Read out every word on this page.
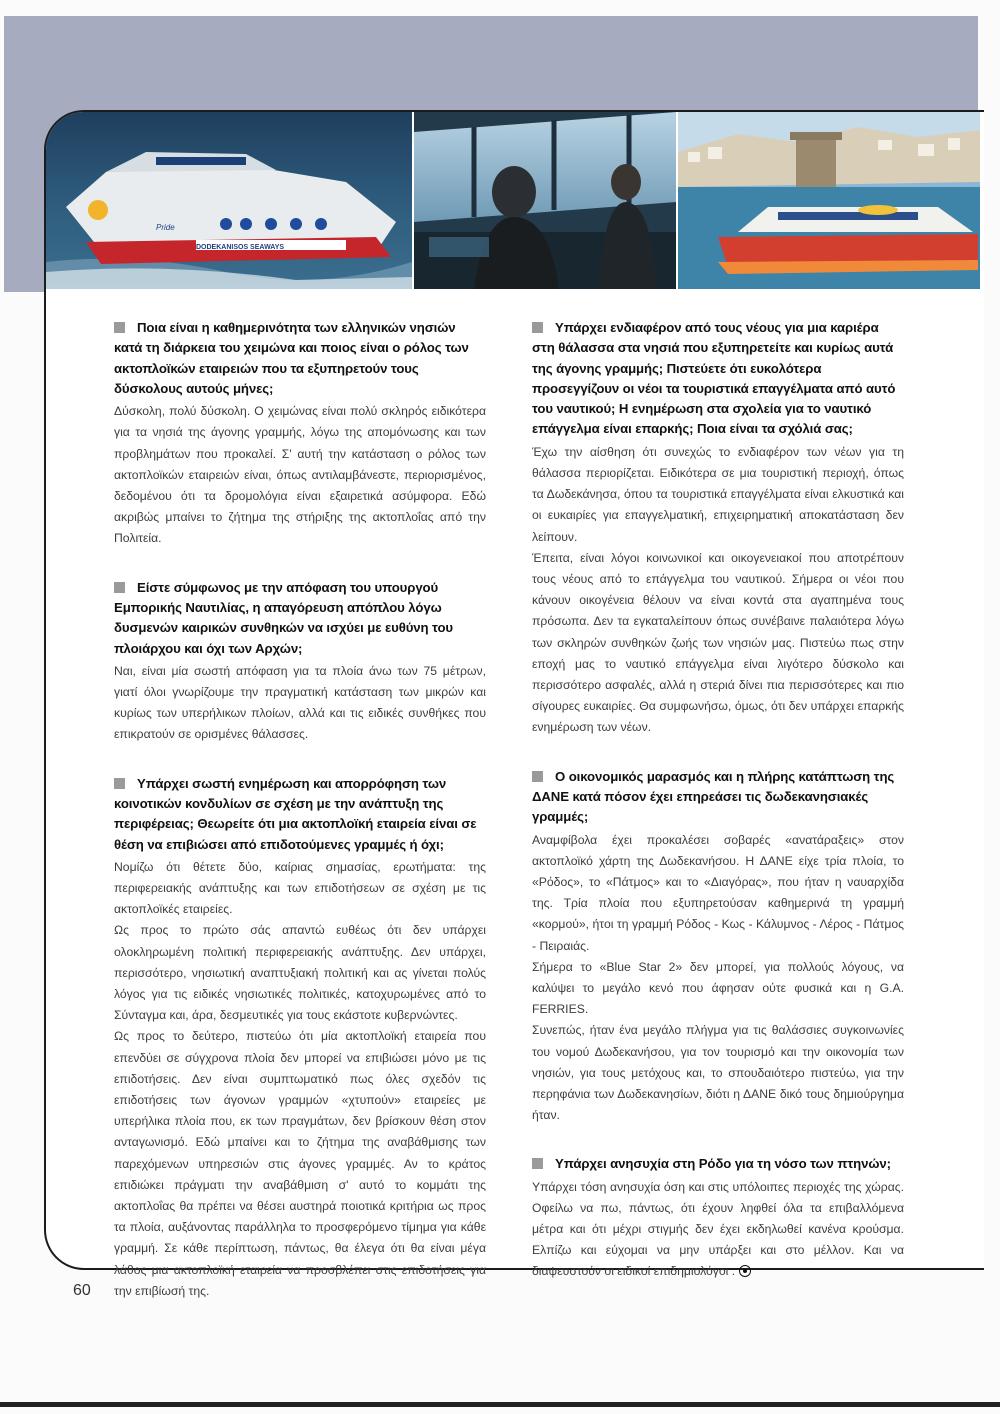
Pride
DODEKANISOS SEAWAYS
Ποια είναι η καθημερινότητα των ελληνικών νησιών κατά τη διάρκεια του χειμώνα και ποιος είναι ο ρόλος των ακτοπλοϊκών εταιρειών που τα εξυπηρετούν τους δύσκολους αυτούς μήνες;

Δύσκολη, πολύ δύσκολη. Ο χειμώνας είναι πολύ σκληρός ειδικότερα για τα νησιά της άγονης γραμμής, λόγω της απομόνωσης και των προβλημάτων που προκαλεί. Σ' αυτή την κατάσταση ο ρόλος των ακτοπλοϊκών εταιρειών είναι, όπως αντιλαμβάνεστε, περιορισμένος, δεδομένου ότι τα δρομολόγια είναι εξαιρετικά ασύμφορα. Εδώ ακριβώς μπαίνει το ζήτημα της στήριξης της ακτοπλοΐας από την Πολιτεία.

Είστε σύμφωνος με την απόφαση του υπουργού Εμπορικής Ναυτιλίας, η απαγόρευση απόπλου λόγω δυσμενών καιρικών συνθηκών να ισχύει με ευθύνη του πλοιάρχου και όχι των Αρχών;

Ναι, είναι μία σωστή απόφαση για τα πλοία άνω των 75 μέτρων, γιατί όλοι γνωρίζουμε την πραγματική κατάσταση των μικρών και κυρίως των υπερήλικων πλοίων, αλλά και τις ειδικές συνθήκες που επικρατούν σε ορισμένες θάλασσες.

Υπάρχει σωστή ενημέρωση και απορρόφηση των κοινοτικών κονδυλίων σε σχέση με την ανάπτυξη της περιφέρειας; Θεωρείτε ότι μια ακτοπλοϊκή εταιρεία είναι σε θέση να επιβιώσει από επιδοτούμενες γραμμές ή όχι;

Νομίζω ότι θέτετε δύο, καίριας σημασίας, ερωτήματα: της περιφερειακής ανάπτυξης και των επιδοτήσεων σε σχέση με τις ακτοπλοϊκές εταιρείες.

Ως προς το πρώτο σάς απαντώ ευθέως ότι δεν υπάρχει ολοκληρωμένη πολιτική περιφερειακής ανάπτυξης. Δεν υπάρχει, περισσότερο, νησιωτική αναπτυξιακή πολιτική και ας γίνεται πολύς λόγος για τις ειδικές νησιωτικές πολιτικές, κατοχυρωμένες από το Σύνταγμα και, άρα, δεσμευτικές για τους εκάστοτε κυβερνώντες.

Ως προς το δεύτερο, πιστεύω ότι μία ακτοπλοϊκή εταιρεία που επενδύει σε σύγχρονα πλοία δεν μπορεί να επιβιώσει μόνο με τις επιδοτήσεις. Δεν είναι συμπτωματικό πως όλες σχεδόν τις επιδοτήσεις των άγονων γραμμών «χτυπούν» εταιρείες με υπερήλικα πλοία που, εκ των πραγμάτων, δεν βρίσκουν θέση στον ανταγωνισμό. Εδώ μπαίνει και το ζήτημα της αναβάθμισης των παρεχόμενων υπηρεσιών στις άγονες γραμμές. Αν το κράτος επιδιώκει πράγματι την αναβάθμιση σ' αυτό το κομμάτι της ακτοπλοΐας θα πρέπει να θέσει αυστηρά ποιοτικά κριτήρια ως προς τα πλοία, αυξάνοντας παράλληλα το προσφερόμενο τίμημα για κάθε γραμμή. Σε κάθε περίπτωση, πάντως, θα έλεγα ότι θα είναι μέγα λάθος μια ακτοπλοϊκή εταιρεία να προσβλέπει στις επιδοτήσεις για την επιβίωσή της.

Υπάρχει ενδιαφέρον από τους νέους για μια καριέρα στη θάλασσα στα νησιά που εξυπηρετείτε και κυρίως αυτά της άγονης γραμμής; Πιστεύετε ότι ευκολότερα προσεγγίζουν οι νέοι τα τουριστικά επαγγέλματα από αυτό του ναυτικού; Η ενημέρωση στα σχολεία για το ναυτικό επάγγελμα είναι επαρκής; Ποια είναι τα σχόλιά σας;

Έχω την αίσθηση ότι συνεχώς το ενδιαφέρον των νέων για τη θάλασσα περιορίζεται. Ειδικότερα σε μια τουριστική περιοχή, όπως τα Δωδεκάνησα, όπου τα τουριστικά επαγγέλματα είναι ελκυστικά και οι ευκαιρίες για επαγγελματική, επιχειρηματική αποκατάσταση δεν λείπουν.

Έπειτα, είναι λόγοι κοινωνικοί και οικογενειακοί που αποτρέπουν τους νέους από το επάγγελμα του ναυτικού. Σήμερα οι νέοι που κάνουν οικογένεια θέλουν να είναι κοντά στα αγαπημένα τους πρόσωπα. Δεν τα εγκαταλείπουν όπως συνέβαινε παλαιότερα λόγω των σκληρών συνθηκών ζωής των νησιών μας. Πιστεύω πως στην εποχή μας το ναυτικό επάγγελμα είναι λιγότερο δύσκολο και περισσότερο ασφαλές, αλλά η στεριά δίνει πια περισσότερες και πιο σίγουρες ευκαιρίες. Θα συμφωνήσω, όμως, ότι δεν υπάρχει επαρκής ενημέρωση των νέων.

Ο οικονομικός μαρασμός και η πλήρης κατάπτωση της ΔΑΝΕ κατά πόσον έχει επηρεάσει τις δωδεκανησιακές γραμμές;

Αναμφίβολα έχει προκαλέσει σοβαρές «ανατάραξεις» στον ακτοπλοϊκό χάρτη της Δωδεκανήσου. Η ΔΑΝΕ είχε τρία πλοία, το «Ρόδος», το «Πάτμος» και το «Διαγόρας», που ήταν η ναυαρχίδα της. Τρία πλοία που εξυπηρετούσαν καθημερινά τη γραμμή «κορμού», ήτοι τη γραμμή Ρόδος - Κως - Κάλυμνος - Λέρος - Πάτμος - Πειραιάς.

Σήμερα το «Blue Star 2» δεν μπορεί, για πολλούς λόγους, να καλύψει το μεγάλο κενό που άφησαν ούτε φυσικά και η G.A. FERRIES.

Συνεπώς, ήταν ένα μεγάλο πλήγμα για τις θαλάσσιες συγκοινωνίες του νομού Δωδεκανήσου, για τον τουρισμό και την οικονομία των νησιών, για τους μετόχους και, το σπουδαιότερο πιστεύω, για την περηφάνια των Δωδεκανησίων, διότι η ΔΑΝΕ δικό τους δημιούργημα ήταν.

Υπάρχει ανησυχία στη Ρόδο για τη νόσο των πτηνών;

Υπάρχει τόση ανησυχία όση και στις υπόλοιπες περιοχές της χώρας. Οφείλω να πω, πάντως, ότι έχουν ληφθεί όλα τα επιβαλλόμενα μέτρα και ότι μέχρι στιγμής δεν έχει εκδηλωθεί κανένα κρούσμα. Ελπίζω και εύχομαι να μην υπάρξει και στο μέλλον. Και να διαψευστούν οι ειδικοί επιδημιολόγοι .

60
